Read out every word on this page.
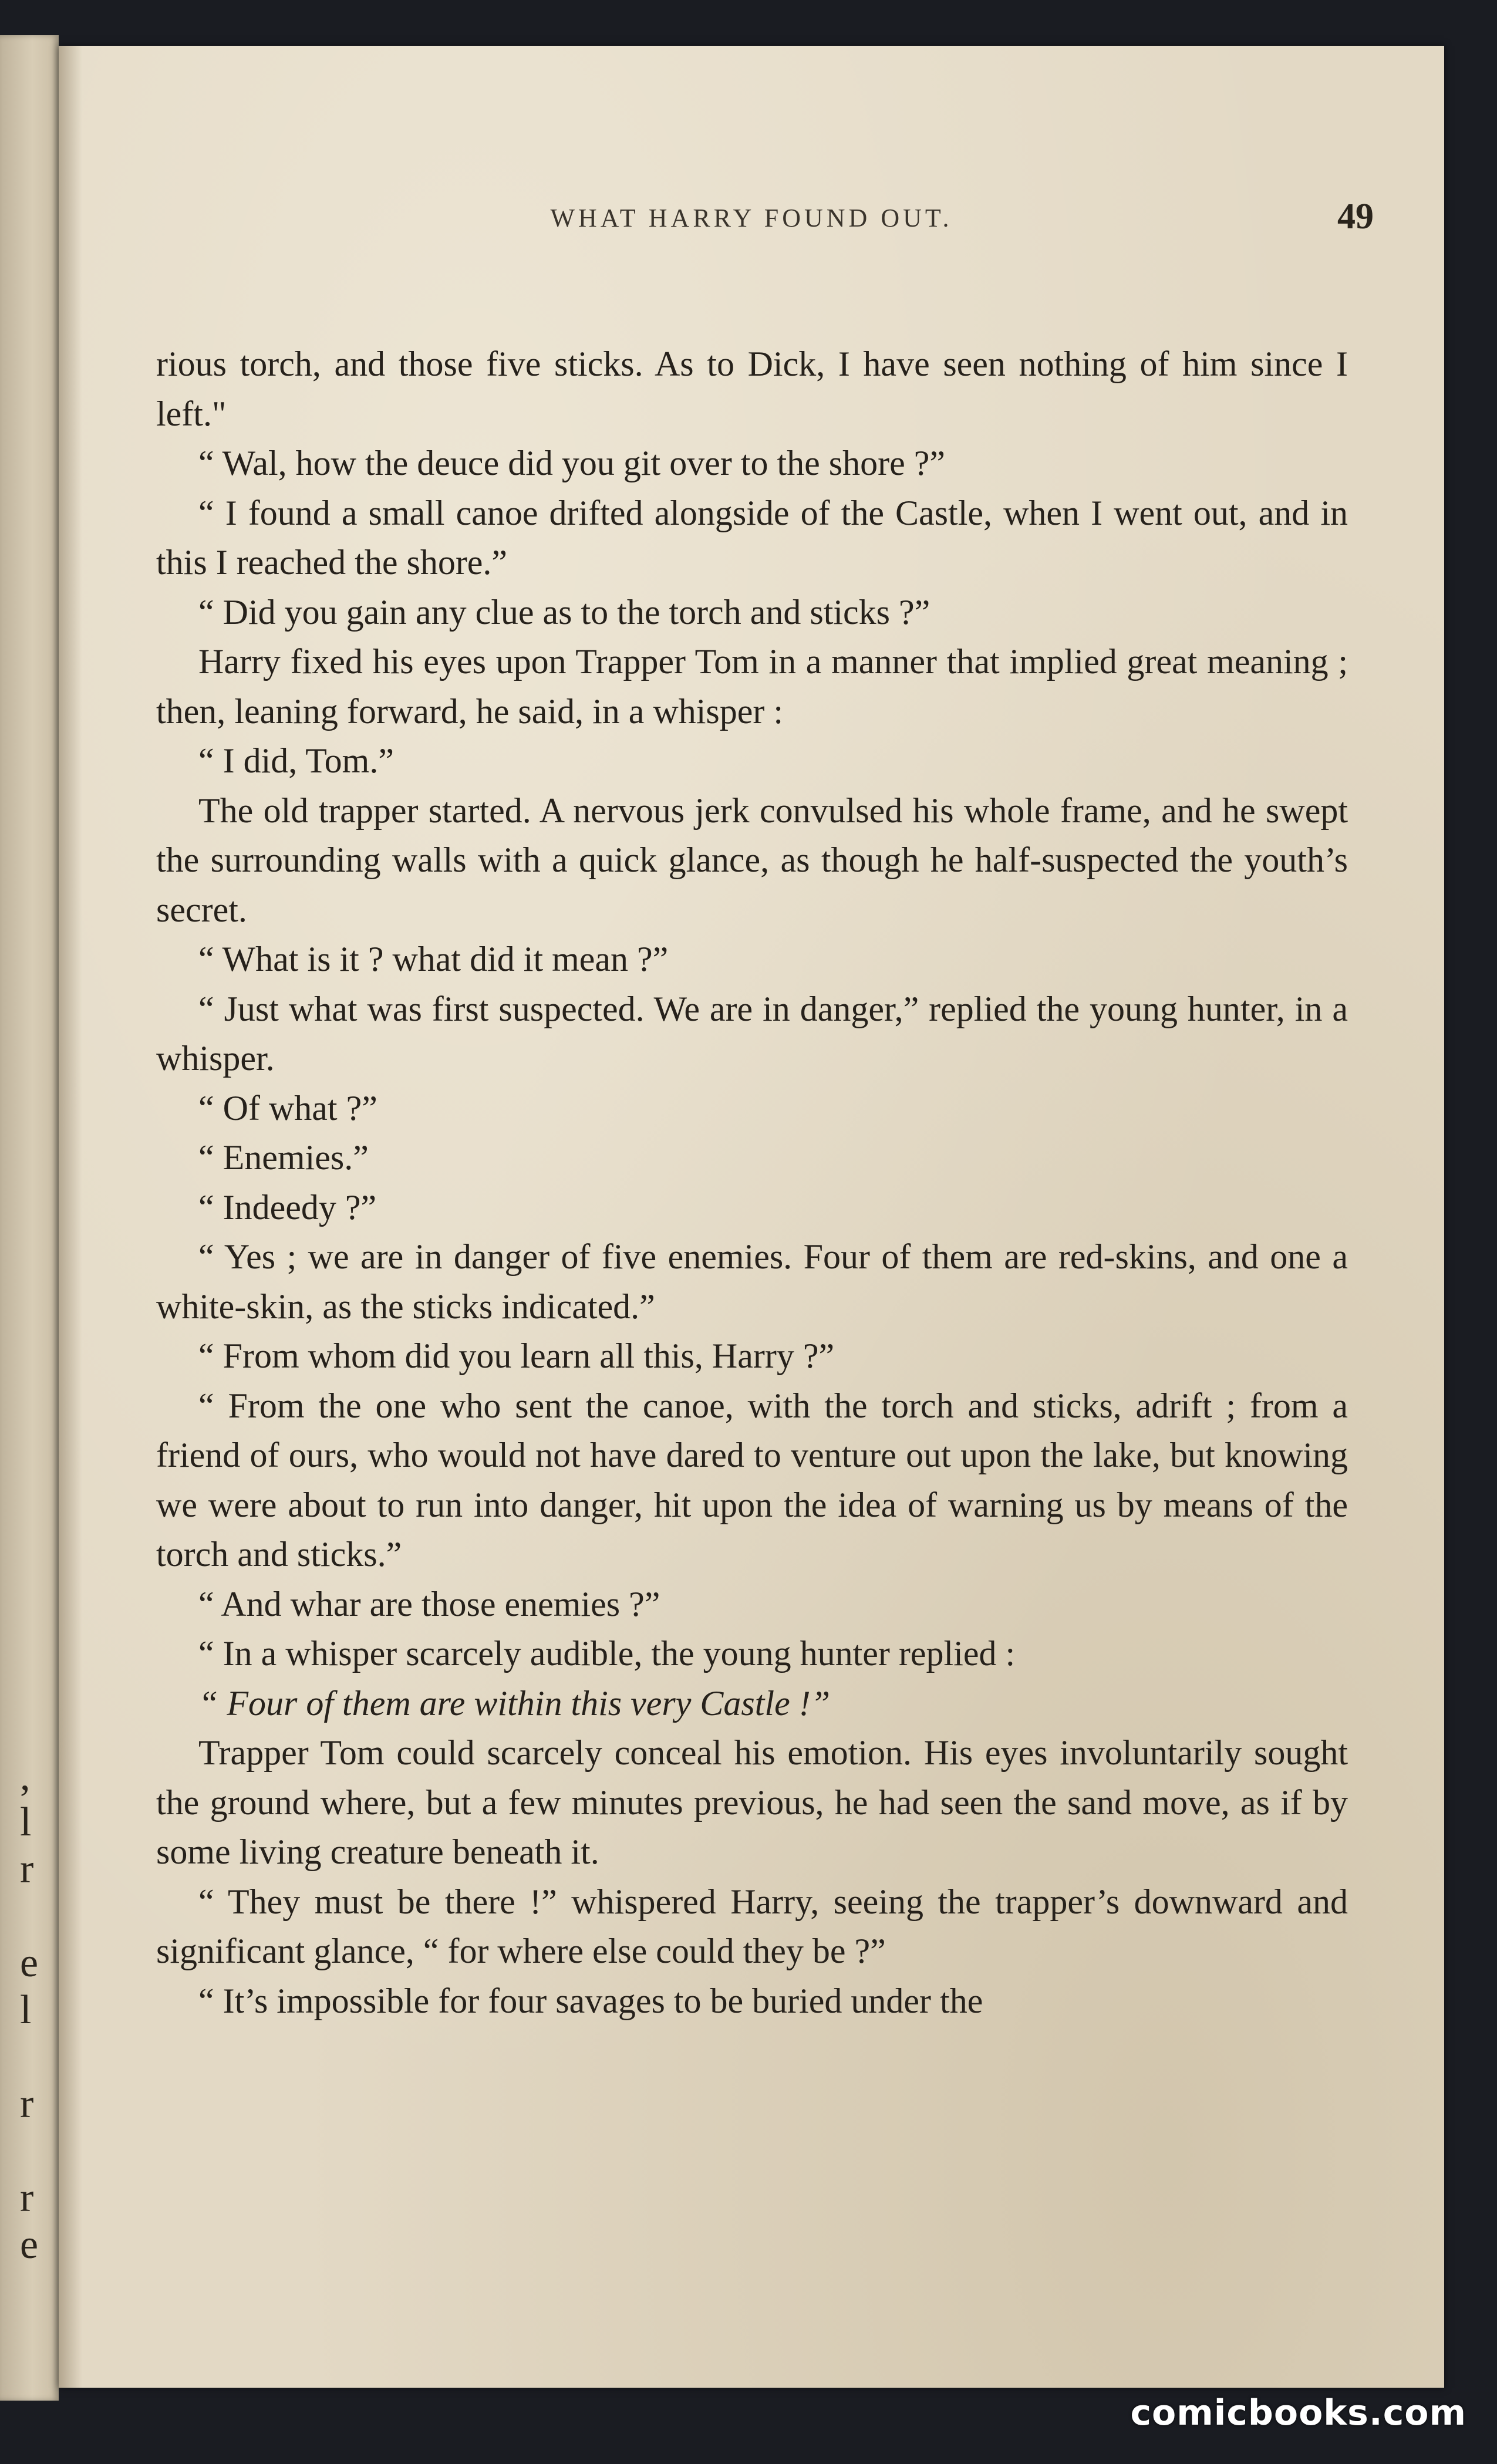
,
l
r
e
l
r
r
e
WHAT HARRY FOUND OUT.	49

rious torch, and those five sticks. As to Dick, I have seen nothing of him since I left."

“ Wal, how the deuce did you git over to the shore ?”

“ I found a small canoe drifted alongside of the Castle, when I went out, and in this I reached the shore.”

“ Did you gain any clue as to the torch and sticks ?”

Harry fixed his eyes upon Trapper Tom in a manner that implied great meaning ; then, leaning forward, he said, in a whisper :

“ I did, Tom.”

The old trapper started. A nervous jerk convulsed his whole frame, and he swept the surrounding walls with a quick glance, as though he half-suspected the youth’s secret.

“ What is it ? what did it mean ?”

“ Just what was first suspected. We are in danger,” replied the young hunter, in a whisper.

“ Of what ?”

“ Enemies.”

“ Indeedy ?”

“ Yes ; we are in danger of five enemies. Four of them are red-skins, and one a white-skin, as the sticks indicated.”

“ From whom did you learn all this, Harry ?”

“ From the one who sent the canoe, with the torch and sticks, adrift ; from a friend of ours, who would not have dared to venture out upon the lake, but knowing we were about to run into danger, hit upon the idea of warning us by means of the torch and sticks.”

“ And whar are those enemies ?”

“ In a whisper scarcely audible, the young hunter replied :

“ Four of them are within this very Castle !”

Trapper Tom could scarcely conceal his emotion. His eyes involuntarily sought the ground where, but a few minutes previous, he had seen the sand move, as if by some living creature beneath it.

“ They must be there !” whispered Harry, seeing the trapper’s downward and significant glance, “ for where else could they be ?”

“ It’s impossible for four savages to be buried under the

comicbooks.com
